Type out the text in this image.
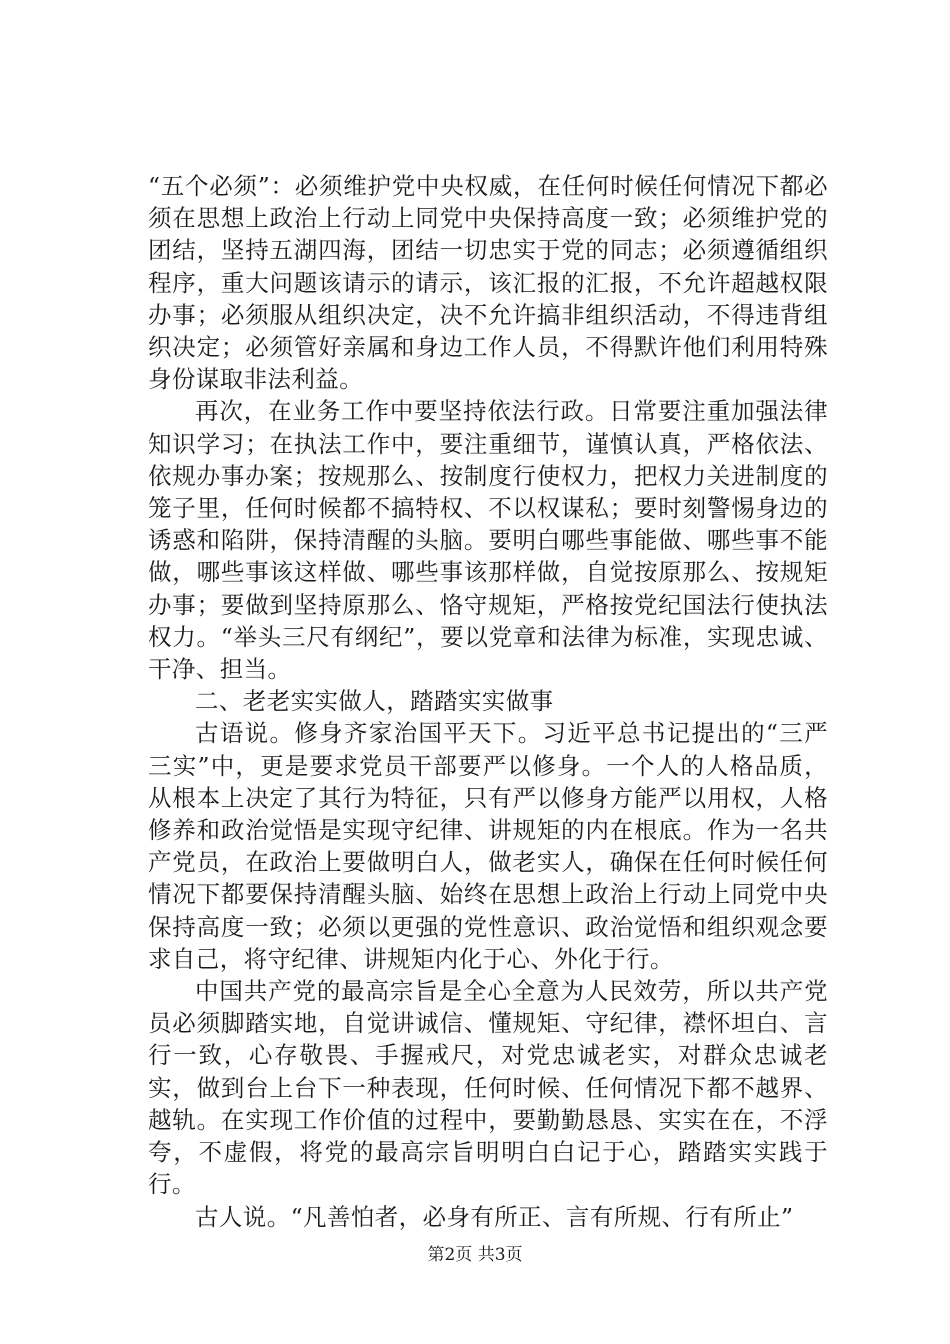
“五个必须”：必须维护党中央权威，在任何时候任何情况下都必须在思想上政治上行动上同党中央保持高度一致；必须维护党的团结，坚持五湖四海，团结一切忠实于党的同志；必须遵循组织程序，重大问题该请示的请示，该汇报的汇报，不允许超越权限办事；必须服从组织决定，决不允许搞非组织活动，不得违背组织决定；必须管好亲属和身边工作人员，不得默许他们利用特殊身份谋取非法利益。

再次，在业务工作中要坚持依法行政。日常要注重加强法律知识学习；在执法工作中，要注重细节，谨慎认真，严格依法、依规办事办案；按规那么、按制度行使权力，把权力关进制度的笼子里，任何时候都不搞特权、不以权谋私；要时刻警惕身边的诱惑和陷阱，保持清醒的头脑。要明白哪些事能做、哪些事不能做，哪些事该这样做、哪些事该那样做，自觉按原那么、按规矩办事；要做到坚持原那么、恪守规矩，严格按党纪国法行使执法权力。“举头三尺有纲纪”，要以党章和法律为标准，实现忠诚、干净、担当。

二、老老实实做人，踏踏实实做事

古语说。修身齐家治国平天下。习近平总书记提出的“三严三实”中，更是要求党员干部要严以修身。一个人的人格品质，从根本上决定了其行为特征，只有严以修身方能严以用权，人格修养和政治觉悟是实现守纪律、讲规矩的内在根底。作为一名共产党员，在政治上要做明白人，做老实人，确保在任何时候任何情况下都要保持清醒头脑、始终在思想上政治上行动上同党中央保持高度一致；必须以更强的党性意识、政治觉悟和组织观念要求自己，将守纪律、讲规矩内化于心、外化于行。

中国共产党的最高宗旨是全心全意为人民效劳，所以共产党员必须脚踏实地，自觉讲诚信、懂规矩、守纪律，襟怀坦白、言行一致，心存敬畏、手握戒尺，对党忠诚老实，对群众忠诚老实，做到台上台下一种表现，任何时候、任何情况下都不越界、越轨。在实现工作价值的过程中，要勤勤恳恳、实实在在，不浮夸，不虚假，将党的最高宗旨明明白白记于心，踏踏实实践于行。

古人说。“凡善怕者，必身有所正、言有所规、行有所止”

第2页 共3页
